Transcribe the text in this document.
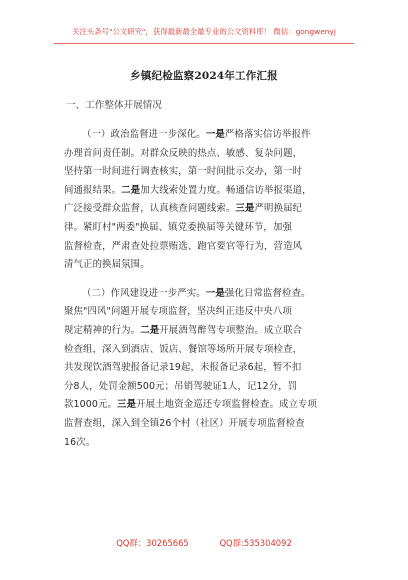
关注头条号"公文研究"，获得最新最全最专业的公文资料库！ 微信：gongwenyj
乡镇纪检监察2024年工作汇报
一、工作整体开展情况
（一）政治监督进一步深化。一是严格落实信访举报件
办理首问责任制。对群众反映的热点、敏感、复杂问题，
坚持第一时间进行调查核实，第一时间批示交办，第一时
间通报结果。二是加大线索处置力度。畅通信访举报渠道，
广泛接受群众监督，认真核查问题线索。三是严明换届纪
律。紧盯村"两委"换届、镇党委换届等关键环节，加强
监督检查，严肃查处拉票贿选、跑官要官等行为，营造风
清气正的换届氛围。
（二）作风建设进一步严实。一是强化日常监督检查。
聚焦"四风"问题开展专项监督，坚决纠正违反中央八项
规定精神的行为。二是开展酒驾醉驾专项整治。成立联合
检查组，深入到酒店、饭店、餐馆等场所开展专项检查，
共发现饮酒驾驶报备记录19起，未报备记录6起，暂不扣
分8人，处罚金额500元；吊销驾驶证1人，记12分，罚
款1000元。三是开展土地资金巡还专项监督检查。成立专项
监督查组，深入到全镇26个村（社区）开展专项监督检查
16次。
QQ群：30265665	QQ群:535304092
